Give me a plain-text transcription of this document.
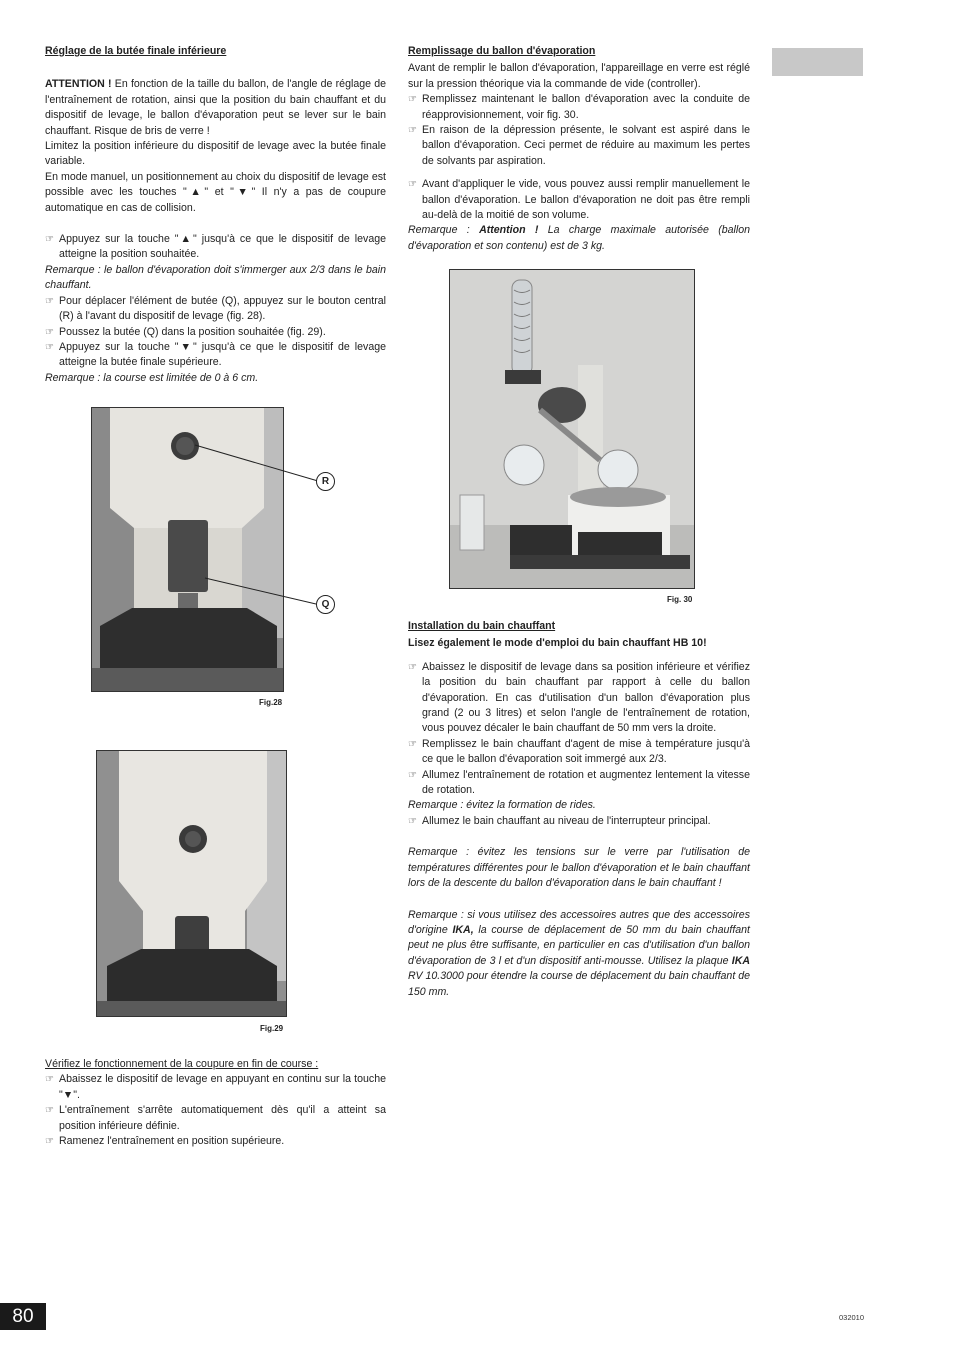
Réglage de la butée finale inférieure

ATTENTION ! En fonction de la taille du ballon, de l'angle de réglage de l'entraînement de rotation, ainsi que la position du bain chauffant et du dispositif de levage, le ballon d'évaporation peut se lever sur le bain chauffant. Risque de bris de verre !

Limitez la position inférieure du dispositif de levage avec la butée finale variable.

En mode manuel, un positionnement au choix du dispositif de levage est possible avec les touches "▲" et "▼" Il n'y a pas de coupure automatique en cas de collision.

☞ Appuyez sur la touche "▲" jusqu'à ce que le dispositif de levage atteigne la position souhaitée.

Remarque : le ballon d'évaporation doit s'immerger aux 2/3 dans le bain chauffant.

☞ Pour déplacer l'élément de butée (Q), appuyez sur le bouton central (R) à l'avant du dispositif de levage (fig. 28).
☞ Poussez la butée (Q) dans la position souhaitée (fig. 29).
☞ Appuyez sur la touche "▼" jusqu'à ce que le dispositif de levage atteigne la butée finale supérieure.

Remarque : la course est limitée de 0 à 6 cm.

R
Q
Fig.28
Fig.29

Vérifiez le fonctionnement de la coupure en fin de course :

☞ Abaissez le dispositif de levage en appuyant en continu sur la touche "▼".
☞ L'entraînement s'arrête automatiquement dès qu'il a atteint sa position inférieure définie.
☞ Ramenez l'entraînement en position supérieure.
Remplissage du ballon d'évaporation

Avant de remplir le ballon d'évaporation, l'appareillage en verre est réglé sur la pression théorique via la commande de vide (controller).

☞ Remplissez maintenant le ballon d'évaporation avec la conduite de réapprovisionnement, voir fig. 30.
☞ En raison de la dépression présente, le solvant est aspiré dans le ballon d'évaporation. Ceci permet de réduire au maximum les pertes de solvants par aspiration.
☞ Avant d'appliquer le vide, vous pouvez aussi remplir manuellement le ballon d'évaporation. Le ballon d'évaporation ne doit pas être rempli au-delà de la moitié de son volume.

Remarque : Attention ! La charge maximale autorisée (ballon d'évaporation et son contenu) est de 3 kg.

Fig. 30
Installation du bain chauffant

Lisez également le mode d'emploi du bain chauffant HB 10!

☞ Abaissez le dispositif de levage dans sa position inférieure et vérifiez la position du bain chauffant par rapport à celle du ballon d'évaporation. En cas d'utilisation d'un ballon d'évaporation plus grand (2 ou 3 litres) et selon l'angle de l'entraînement de rotation, vous pouvez décaler le bain chauffant de 50 mm vers la droite.
☞ Remplissez le bain chauffant d'agent de mise à température jusqu'à ce que le ballon d'évaporation soit immergé aux 2/3.
☞ Allumez l'entraînement de rotation et augmentez lentement la vitesse de rotation.

Remarque : évitez la formation de rides.

☞ Allumez le bain chauffant au niveau de l'interrupteur principal.

Remarque : évitez les tensions sur le verre par l'utilisation de températures différentes pour le ballon d'évaporation et le bain chauffant lors de la descente du ballon d'évaporation dans le bain chauffant !

Remarque : si vous utilisez des accessoires autres que des accessoires d'origine IKA, la course de déplacement de 50 mm du bain chauffant peut ne plus être suffisante, en particulier en cas d'utilisation d'un ballon d'évaporation de 3 l et d'un dispositif anti-mousse. Utilisez la plaque IKA RV 10.3000 pour étendre la course de déplacement du bain chauffant de 150 mm.

80	032010
